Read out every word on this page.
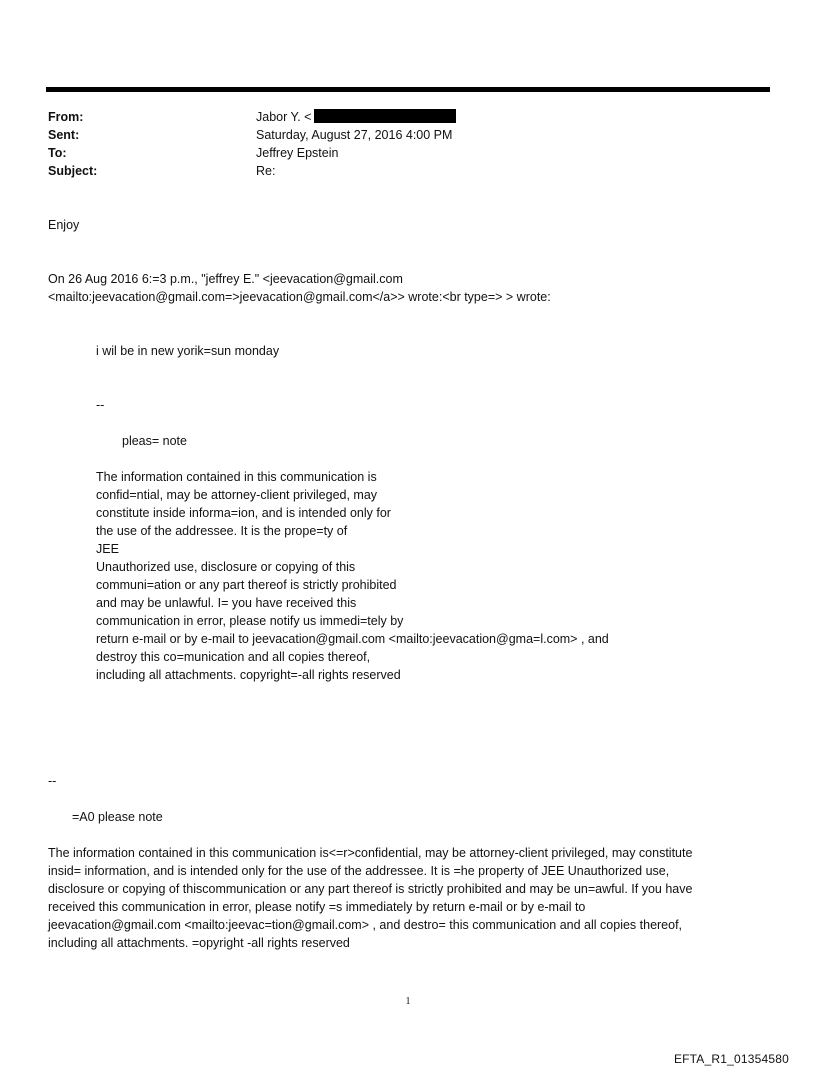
From:	Jabor Y. <
Sent:	Saturday, August 27, 2016 4:00 PM
To:	Jeffrey Epstein
Subject:	Re:
Enjoy
On 26 Aug 2016 6:=3 p.m., "jeffrey E." <jeevacation@gmail.com
<mailto:jeevacation@gmail.com=>jeevacation@gmail.com</a>> wrote:<br type=> > wrote:
i wil be in new yorik=sun monday
--
pleas= note
The information contained in this communication is
confid=ntial, may be attorney-client privileged, may
constitute inside informa=ion, and is intended only for
the use of the addressee. It is the prope=ty of
JEE
Unauthorized use, disclosure or copying of this
communi=ation or any part thereof is strictly prohibited
and may be unlawful. I= you have received this
communication in error, please notify us immedi=tely by
return e-mail or by e-mail to jeevacation@gmail.com <mailto:jeevacation@gma=l.com> , and
destroy this co=munication and all copies thereof,
including all attachments. copyright=-all rights reserved
--
=A0 please note
The information contained in this communication is<=r>confidential, may be attorney-client privileged, may constitute
insid= information, and is intended only for the use of the addressee. It is =he property of JEE Unauthorized use,
disclosure or copying of thiscommunication or any part thereof is strictly prohibited and may be un=awful. If you have
received this communication in error, please notify =s immediately by return e-mail or by e-mail to
jeevacation@gmail.com <mailto:jeevac=tion@gmail.com> , and destro= this communication and all copies thereof,
including all attachments. =opyright -all rights reserved
1
EFTA_R1_01354580
